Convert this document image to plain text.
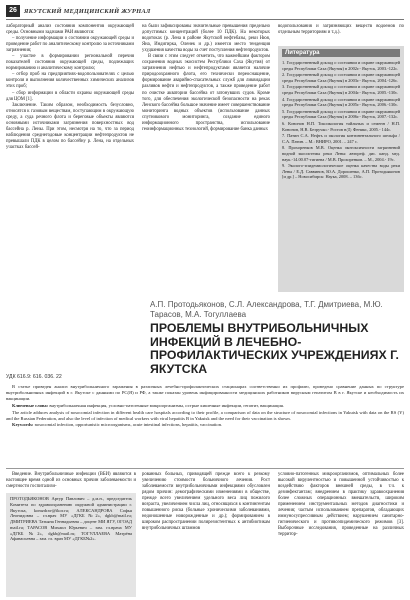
26	ЯКУТСКИЙ МЕДИЦИНСКИЙ ЖУРНАЛ

лабораторный анализ состояния компонентов окружающей среды. Основными задачами РАИ являются:

– получение информации о состоянии окружающей среды и проведение работ по аналитическому контролю за источниками загрязнения;

– участие в формировании региональной перечня показателей состояния окружающей среды, подлежащих нормированию и аналитическому контролю;

– отбор проб на предприятиях-водопользователях с целью контроля и выполнения количественных химических анализов этих проб;

– сбор информации в области охраны окружающей среды для ЦОМ [1].

Заключение. Таким образом, необходимость безусловно, относятся к газовым веществам, поступающим в окружающую среду, а суда речного флота и береговые объекты являются основными источниками загрязнения поверхностных вод бассейна р. Лены. При этом, несмотря на то, что за период наблюдения среднегодовые концентрации нефтепродуктов не превышали ПДК в целом по бассейну р. Лена, на отдельных участках бассей-

на были зафиксированы значительные превышения предельно допустимых концентраций (более 10 ПДК). На некоторых водотоках (р. Лена в районе Якутской нефтебазы, реки Нюя, Яна, Индигирка, Оленек и др.) имеется место тенденция ухудшения качества воды за счет поступления нефтепродуктов.

В связи с этим следует отметить, что важнейшим фактором сохранения водных экосистем Республики Саха (Якутия) от загрязнения нефтью и нефтепродуктами является наличие природоохранного флота, его технически переоснащение, формирование аварийно-спасательных служб для ликвидации разливов нефти и нефтепродуктов, а также проведение работ по очистке акватории бассейна от затонувших судов. Кроме того, для обеспечения экологической безопасности на реках Ленского бассейна большое значение имеет совершенствование мониторинга водных объектов (использование данных спутникового мониторинга, создание единого информационного пространства, использование геоинформационных технологий, формирование банка данных

водопользования и загрязняющих веществ водоемов по отдельным территориям и т.д.).

Литература
1. Государственный доклад о состоянии и охране окружающей среды Республики Саха (Якутия) в 2002г.- Якутск, 2003.-122с.
2. Государственный доклад о состоянии и охране окружающей среды Республики Саха (Якутия) в 2003г.- Якутск, 2004.-126с.
3. Государственный доклад о состоянии и охране окружающей среды Республики Саха (Якутия) в 2004г.- Якутск, 2005.-130с.
4. Государственный доклад о состоянии и охране окружающей среды Республики Саха (Якутия) в 2005г.- Якутск, 2006.-130с.
5. Государственный доклад о состоянии и охране окружающей среды Республики Саха (Якутия) в 2006г.- Якутск, 2007.-132с.
6. Кононов Н.П. Токсикология тайльных и семенн / Н.П. Кононов, Н.В. Безручко.- Ростов н/Д: Феникс, 2005.- 144с.
7. Патин С.А. Нефть и экология континентального шельфа / С.А. Патин. – М.: ВНИРО, 2001. – 247 с.
8. Прохоренков М.В. Оценка экотоксичности загрязнений водной экосистемы реки Лены: автореф. дис. канд. мед. наук.-14.00.07-гигиена / М.В. Прохоренков. – М., 2004.- 19с.
9. Эколого-эпидемиологическое оценка качества воды реки Лены / Е.Д. Саввинов, Ю.А. Дорошенко, А.П. Протодьяконов [и др.] – Новосибирск: Наука, 2008. – 136с.
А.П. Протодьяконов, С.Л. Александрова, Т.Г. Дмитриева, М.Ю. Тарасов, М.А. Тогуллаева
ПРОБЛЕМЫ ВНУТРИБОЛЬНИЧНЫХ ИНФЕКЦИЙ В ЛЕЧЕБНО-ПРОФИЛАКТИЧЕСКИХ УЧРЕЖДЕНИЯХ Г. ЯКУТСКА
УДК 616.9: 616. 036. 22

В статье приведен анализ внутрибольничного заражения в различных лечебно-профилактических стационарах соответственно их профилю, проведено сравнение данных по структуре внутрибольничных инфекций в г. Якутске с данными по РС(Я) и РФ, а также показан уровень инфицированности медицинских работников вирусным гепатитом В в г. Якутске и необходимость их вакцинации.

Ключевые слова: внутрибольничная инфекция, условно-патогенные микроорганизмы, острые кишечные инфекции, гепатит, вакцинация.

The article adduces analysis of nosocomial infection in different health care hospitals according to their profile, a comparison of data on the structure of nosocomial infections in Yakutsk with data on the RS (Y) and the Russian Federation, and also the level of infection of medical workers with viral hepatitis B in Yakutsk and the need for their vaccination is shown.

Keywords: nosocomial infection, opportunistic microorganisms, acute intestinal infections, hepatitis, vaccination.

Введение. Внутрибольничные инфекции (ВБИ) являются в настоящее время одной из основных причин заболеваемости и смертности госпитализи-

ПРОТОДЬЯКОНОВ Артур Павлович – д.м.н., председатель Комитета по здравоохранению окружной администрации г. Якутска, komzdrav@ikor.ru; АЛЕКСАНДРОВА Софья Леонидовна – гл.врач МУ «ДГКБ №2», dgkb@mail.ru; ДМИТРИЕВА Татьяна Геннадьевна – доцент МИ ЯГУ, ОГОАД mail.ru; ТАРАСОВ Михаил Юрьевич – зам. гл.врача МУ «ДГКБ №2», dgkb@mail.ru; ТОГУЛЛАЕВА Матрёна Афанасьевна – зам. гл. врач МУ «ДГКБ№2».

рованных больных, приводящей прежде всего к резкому увеличению стоимости больничного лечения. Рост заболеваемости внутрибольничными инфекциями обусловлен рядом причин: демографическими изменениями в обществе, прежде всего увеличением удельного веса лиц пожилого возраста, увеличением числа лиц, относящихся к контингентам повышенного риска (больные хроническими заболеваниями, недоношенные новорожденные и др.); формированием в широком распространении полирезистентных к антибиотикам внутрибольничных штаммов

условно-патогенных микроорганизмов, оптимальных более высокой вирулентностью и повышенной устойчивостью к воздействию факторов внешней среды, в т.ч. к дезинфектантам; внедрением в практику здравоохранения более сложных операционных вмешательств, широким применением инструментальных методов диагностики и лечения; частым использованием препаратов, обладающих иммуносупрессивным действием; нарушением санитарно-гигиенического и противоэпидемического режимов [3]. Выборочные исследования, проведенные на различных территор-
